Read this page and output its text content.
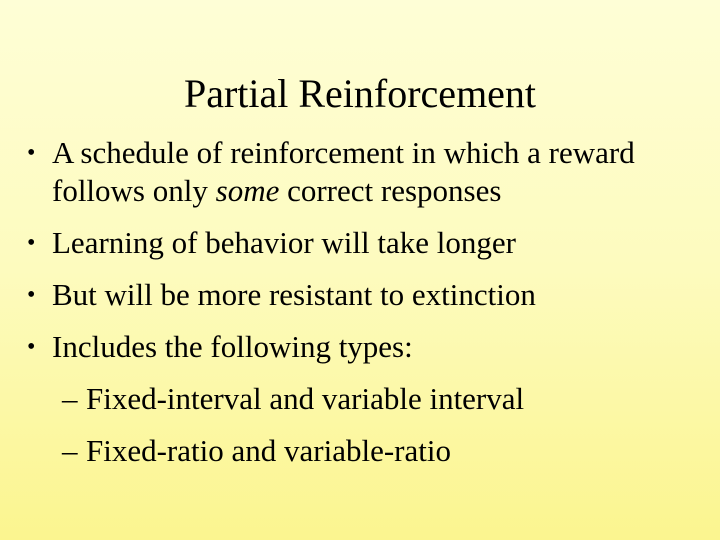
Partial Reinforcement
• A schedule of reinforcement in which a reward follows only some correct responses
• Learning of behavior will take longer
• But will be more resistant to extinction
• Includes the following types:
– Fixed-interval and variable interval
– Fixed-ratio and variable-ratio
